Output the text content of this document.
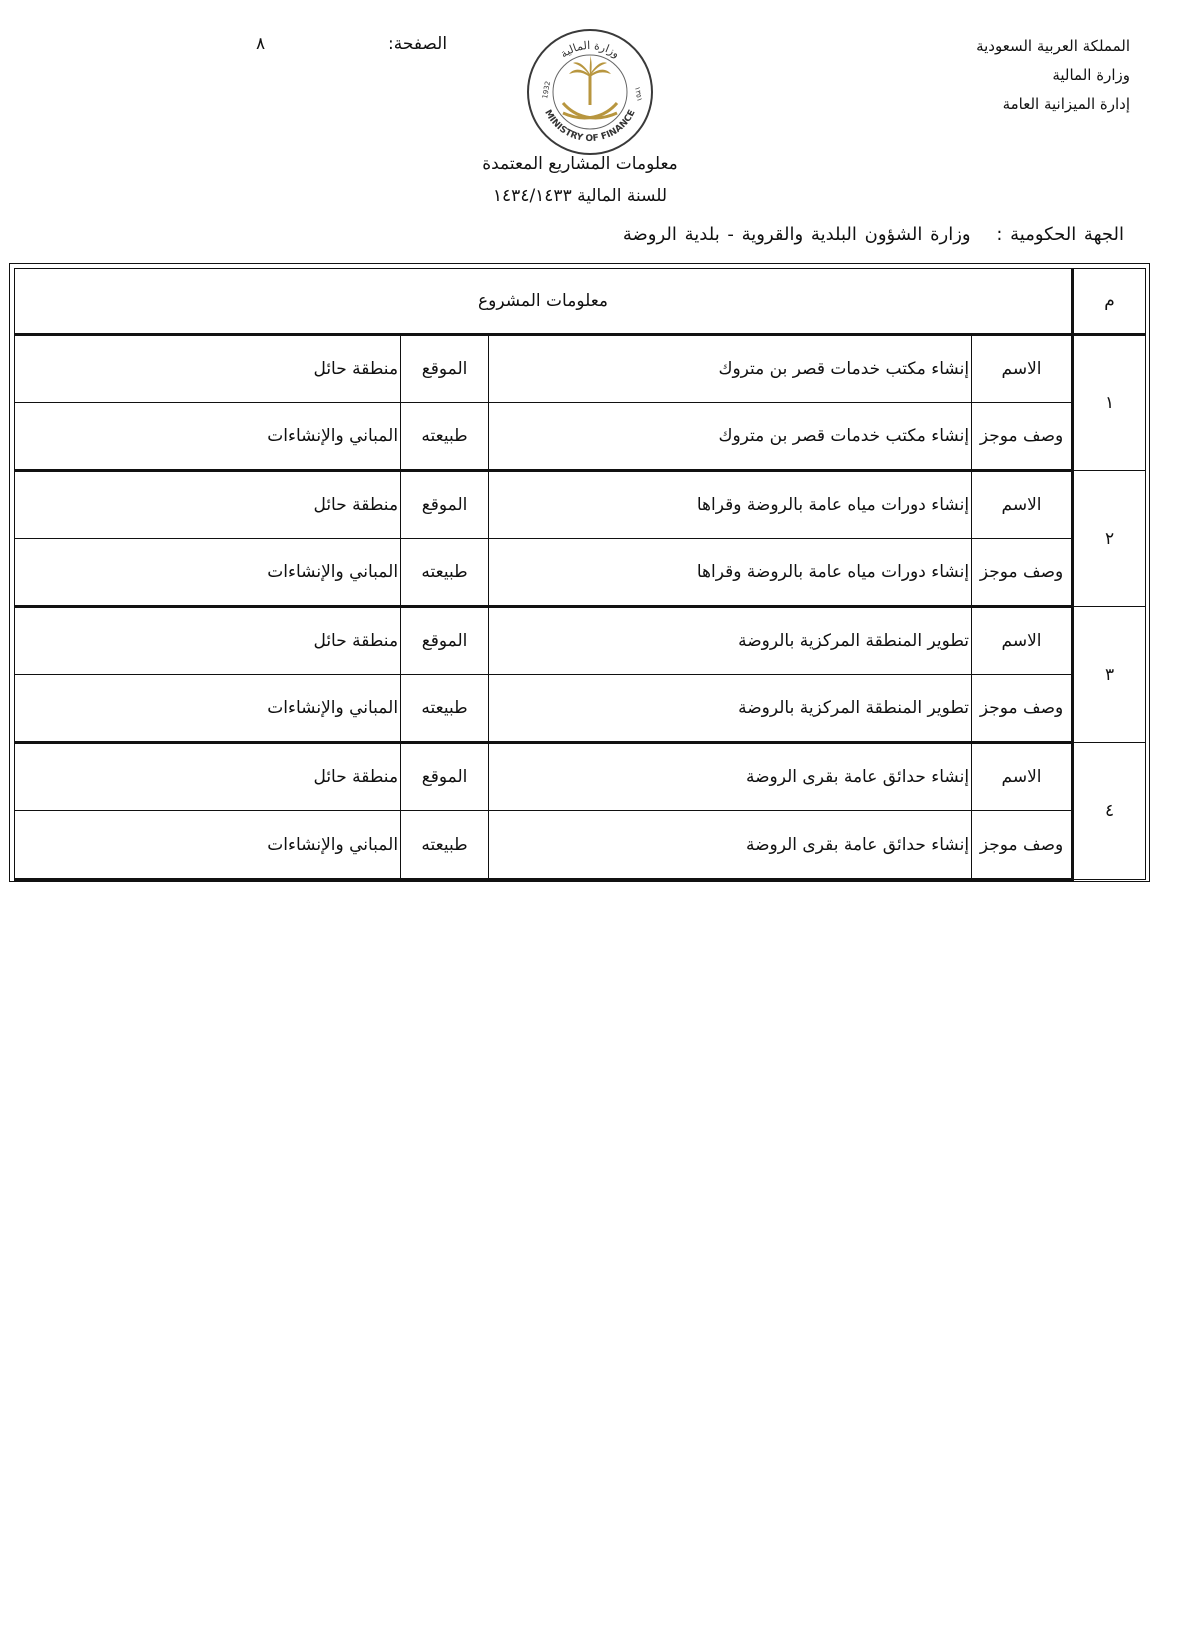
المملكة العربية السعودية
وزارة المالية
إدارة الميزانية العامة
الصفحة:
٨	وزارة المالية
MINISTRY OF FINANCE
1932	١٣٥١
معلومات المشاريع المعتمدة
للسنة المالية ١٤٣٤/١٤٣٣
الجهة الحكومية : وزارة الشؤون البلدية والقروية - بلدية الروضة
م	معلومات المشروع			
١	الاسم	إنشاء مكتب خدمات قصر بن متروك	الموقع	منطقة حائل
	وصف موجز	إنشاء مكتب خدمات قصر بن متروك	طبيعته	المباني والإنشاءات
٢	الاسم	إنشاء دورات مياه عامة بالروضة وقراها	الموقع	منطقة حائل
	وصف موجز	إنشاء دورات مياه عامة بالروضة وقراها	طبيعته	المباني والإنشاءات
٣	الاسم	تطوير المنطقة المركزية بالروضة	الموقع	منطقة حائل
	وصف موجز	تطوير المنطقة المركزية بالروضة	طبيعته	المباني والإنشاءات
٤	الاسم	إنشاء حدائق عامة بقرى الروضة	الموقع	منطقة حائل
	وصف موجز	إنشاء حدائق عامة بقرى الروضة	طبيعته	المباني والإنشاءات
